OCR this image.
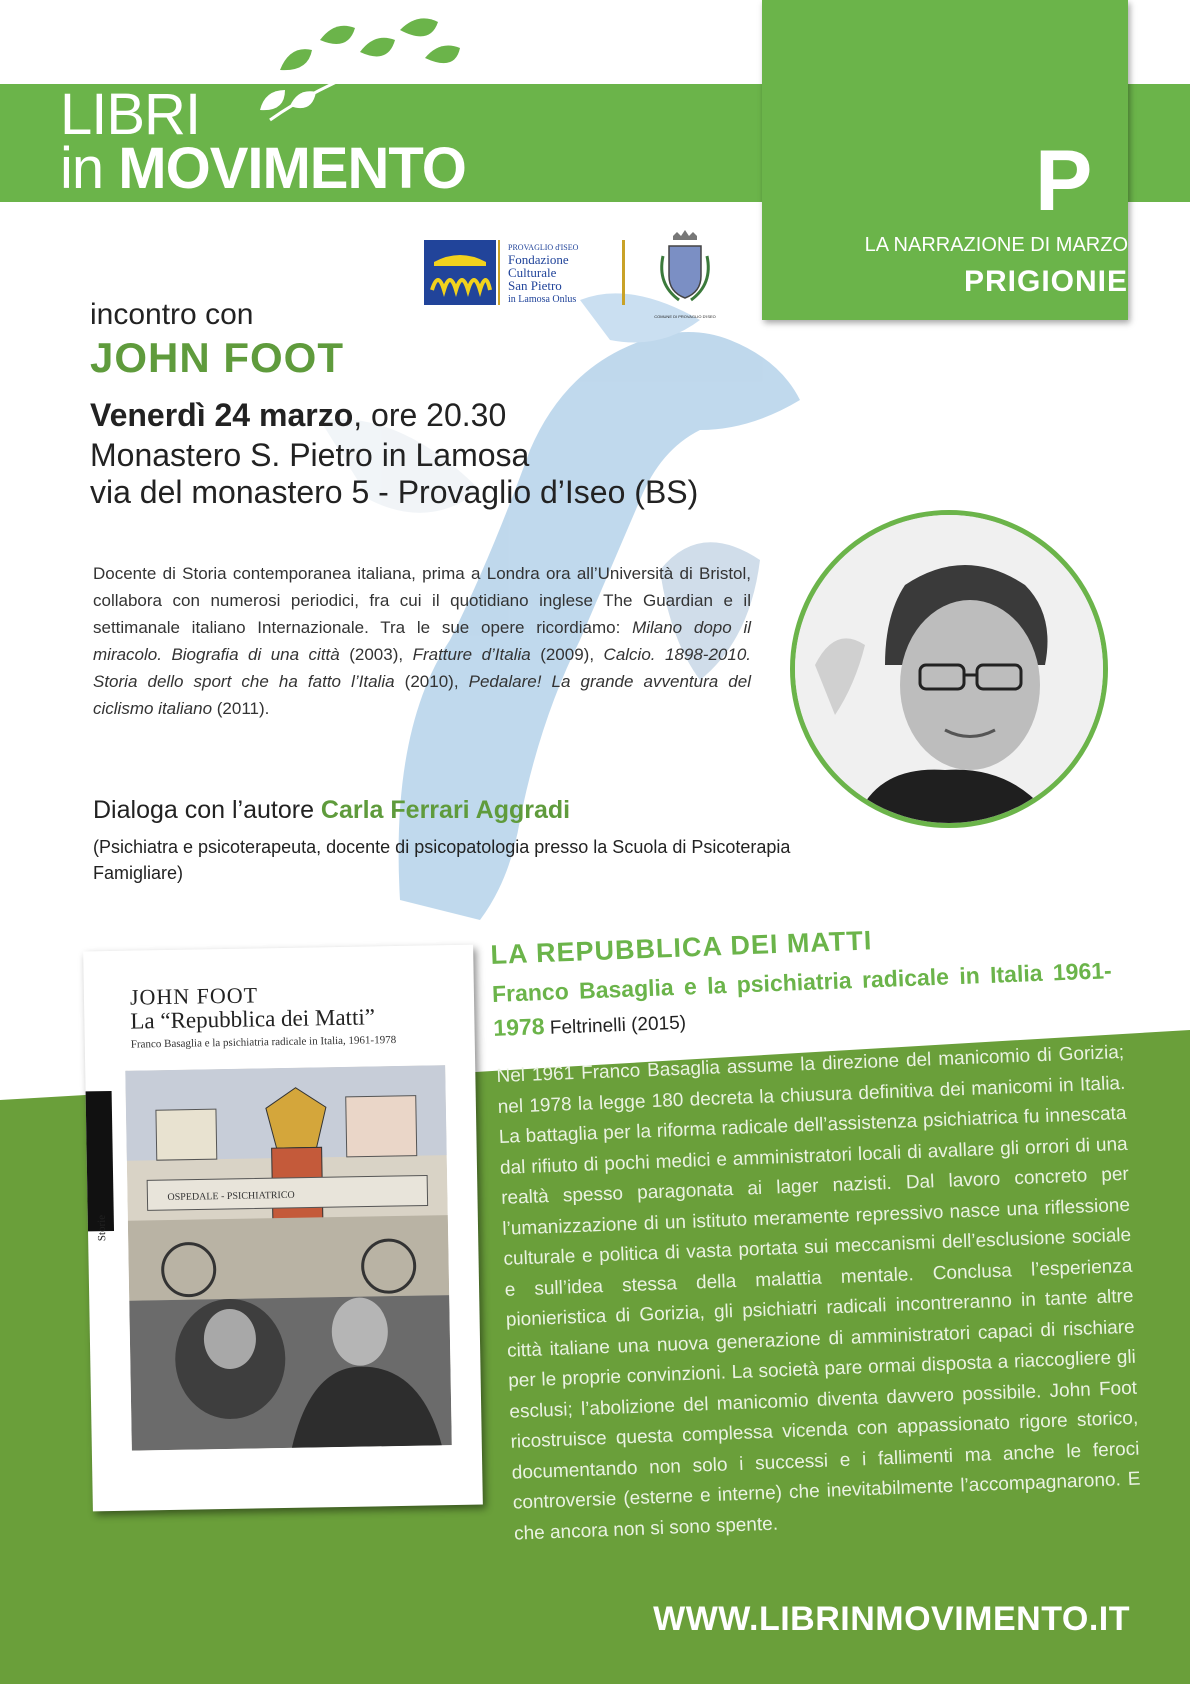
LIBRI
in MOVIMENTO	P
LA NARRAZIONE DI MARZO
PRIGIONIE
PROVAGLIO d'ISEO
Fondazione
Culturale
San Pietro
in Lamosa Onlus
COMUNE DI PROVAGLIO D'ISEO
incontro con
JOHN FOOT
Venerdì 24 marzo, ore 20.30
Monastero S. Pietro in Lamosa
via del monastero 5 - Provaglio d’Iseo (BS)
Docente di Storia contemporanea italiana, prima a Londra ora all’Università di Bristol, collabora con numerosi periodici, fra cui il quotidiano inglese The Guardian e il settimanale italiano Internazionale. Tra le sue opere ricordiamo: Milano dopo il miracolo. Biografia di una città (2003), Fratture d’Italia (2009), Calcio. 1898-2010. Storia dello sport che ha fatto l’Italia (2010), Pedalare! La grande avventura del ciclismo italiano (2011).
Dialoga con l’autore Carla Ferrari Aggradi
(Psichiatra e psicoterapeuta, docente di psicopatologia presso la Scuola di Psicoterapia Famigliare)
LA REPUBBLICA DEI MATTI
Franco Basaglia e la psichiatria radicale in Italia 1961-1978 Feltrinelli (2015)
Nel 1961 Franco Basaglia assume la direzione del manicomio di Gorizia; nel 1978 la legge 180 decreta la chiusura definitiva dei manicomi in Italia. La battaglia per la riforma radicale dell’assistenza psichiatrica fu innescata dal rifiuto di pochi medici e amministratori locali di avallare gli orrori di una realtà spesso paragonata ai lager nazisti. Dal lavoro concreto per l’umanizzazione di un istituto meramente repressivo nasce una riflessione culturale e politica di vasta portata sui meccanismi dell’esclusione sociale e sull’idea stessa della malattia mentale. Conclusa l’esperienza pionieristica di Gorizia, gli psichiatri radicali incontreranno in tante altre città italiane una nuova generazione di amministratori capaci di rischiare per le proprie convinzioni. La società pare ormai disposta a riaccogliere gli esclusi; l’abolizione del manicomio diventa davvero possibile. John Foot ricostruisce questa complessa vicenda con appassionato rigore storico, documentando non solo i successi e i fallimenti ma anche le feroci controversie (esterne e interne) che inevitabilmente l’accompagnarono. E che ancora non si sono spente.
JOHN FOOT
La “Repubblica dei Matti”
Franco Basaglia e la psichiatria radicale in Italia, 1961-1978
Storie
OSPEDALE - PSICHIATRICO
WWW.LIBRINMOVIMENTO.IT
